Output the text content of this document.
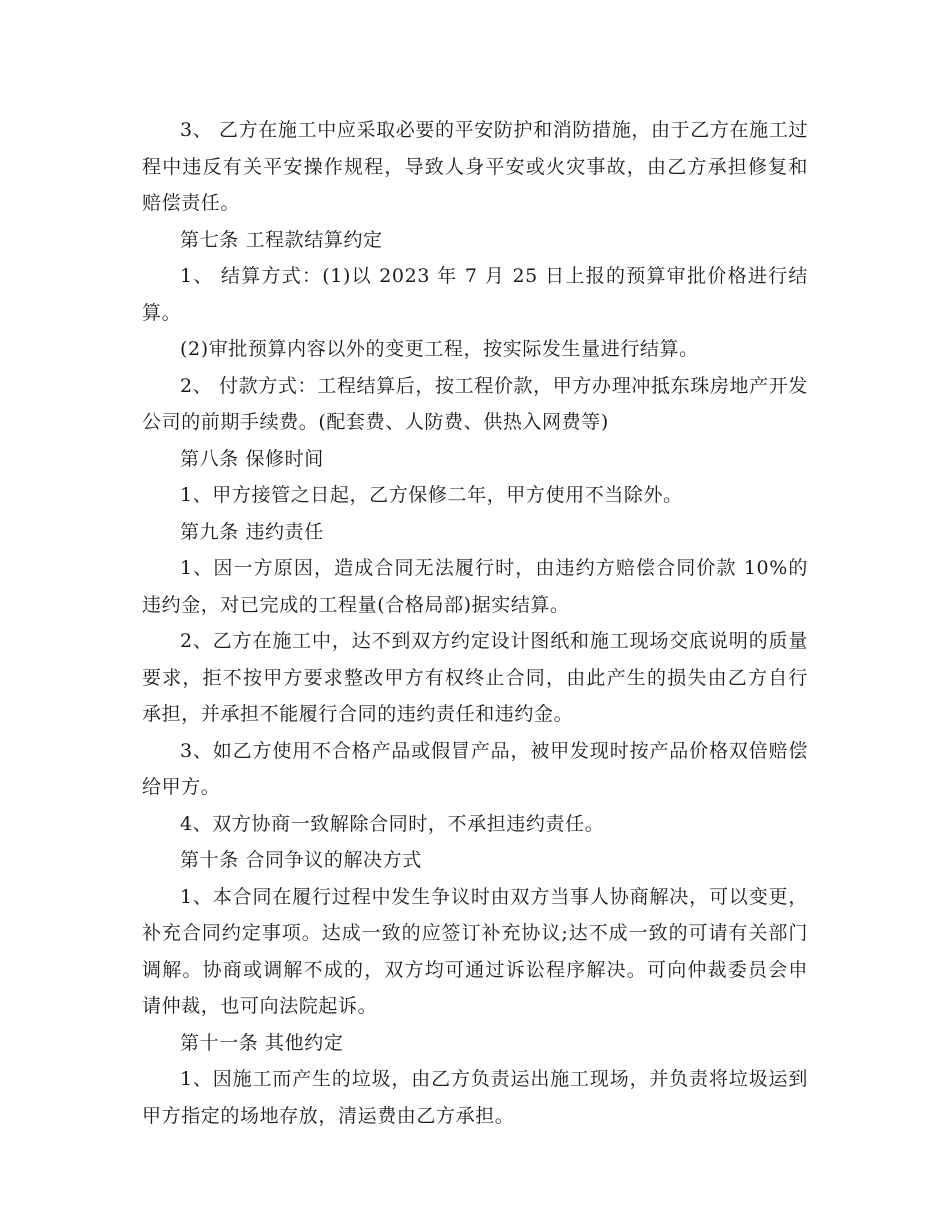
3、 乙方在施工中应采取必要的平安防护和消防措施，由于乙方在施工过程中违反有关平安操作规程，导致人身平安或火灾事故，由乙方承担修复和赔偿责任。

第七条 工程款结算约定

1、 结算方式：(1)以 2023 年 7 月 25 日上报的预算审批价格进行结算。

(2)审批预算内容以外的变更工程，按实际发生量进行结算。

2、 付款方式：工程结算后，按工程价款，甲方办理冲抵东珠房地产开发公司的前期手续费。(配套费、人防费、供热入网费等)

第八条 保修时间

1、甲方接管之日起，乙方保修二年，甲方使用不当除外。

第九条 违约责任

1、因一方原因，造成合同无法履行时，由违约方赔偿合同价款 10%的违约金，对已完成的工程量(合格局部)据实结算。

2、乙方在施工中，达不到双方约定设计图纸和施工现场交底说明的质量要求，拒不按甲方要求整改甲方有权终止合同，由此产生的损失由乙方自行承担，并承担不能履行合同的违约责任和违约金。

3、如乙方使用不合格产品或假冒产品，被甲发现时按产品价格双倍赔偿给甲方。

4、双方协商一致解除合同时，不承担违约责任。

第十条 合同争议的解决方式

1、本合同在履行过程中发生争议时由双方当事人协商解决，可以变更，补充合同约定事项。达成一致的应签订补充协议;达不成一致的可请有关部门调解。协商或调解不成的，双方均可通过诉讼程序解决。可向仲裁委员会申请仲裁，也可向法院起诉。

第十一条 其他约定

1、因施工而产生的垃圾，由乙方负责运出施工现场，并负责将垃圾运到甲方指定的场地存放，清运费由乙方承担。
